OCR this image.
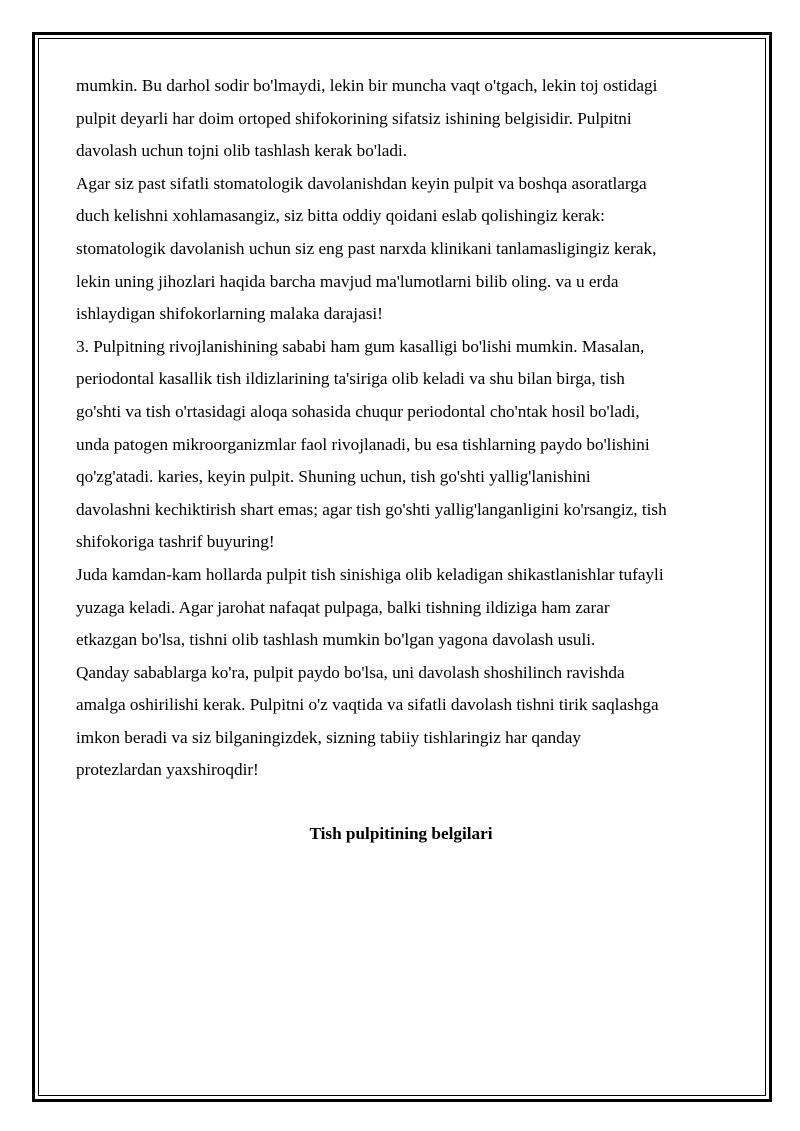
mumkin. Bu darhol sodir bo'lmaydi, lekin bir muncha vaqt o'tgach, lekin toj ostidagi
pulpit deyarli har doim ortoped shifokorining sifatsiz ishining belgisidir. Pulpitni
davolash uchun tojni olib tashlash kerak bo'ladi.
Agar siz past sifatli stomatologik davolanishdan keyin pulpit va boshqa asoratlarga
duch kelishni xohlamasangiz, siz bitta oddiy qoidani eslab qolishingiz kerak:
stomatologik davolanish uchun siz eng past narxda klinikani tanlamasligingiz kerak,
lekin uning jihozlari haqida barcha mavjud ma'lumotlarni bilib oling. va u erda
ishlaydigan shifokorlarning malaka darajasi!
3. Pulpitning rivojlanishining sababi ham gum kasalligi bo'lishi mumkin. Masalan,
periodontal kasallik tish ildizlarining ta'siriga olib keladi va shu bilan birga, tish
go'shti va tish o'rtasidagi aloqa sohasida chuqur periodontal cho'ntak hosil bo'ladi,
unda patogen mikroorganizmlar faol rivojlanadi, bu esa tishlarning paydo bo'lishini
qo'zg'atadi. karies, keyin pulpit. Shuning uchun, tish go'shti yallig'lanishini
davolashni kechiktirish shart emas; agar tish go'shti yallig'langanligini ko'rsangiz, tish
shifokoriga tashrif buyuring!
Juda kamdan-kam hollarda pulpit tish sinishiga olib keladigan shikastlanishlar tufayli
yuzaga keladi. Agar jarohat nafaqat pulpaga, balki tishning ildiziga ham zarar
etkazgan bo'lsa, tishni olib tashlash mumkin bo'lgan yagona davolash usuli.
Qanday sabablarga ko'ra, pulpit paydo bo'lsa, uni davolash shoshilinch ravishda
amalga oshirilishi kerak. Pulpitni o'z vaqtida va sifatli davolash tishni tirik saqlashga
imkon beradi va siz bilganingizdek, sizning tabiiy tishlaringiz har qanday
protezlardan yaxshiroqdir!
Tish pulpitining belgilari
